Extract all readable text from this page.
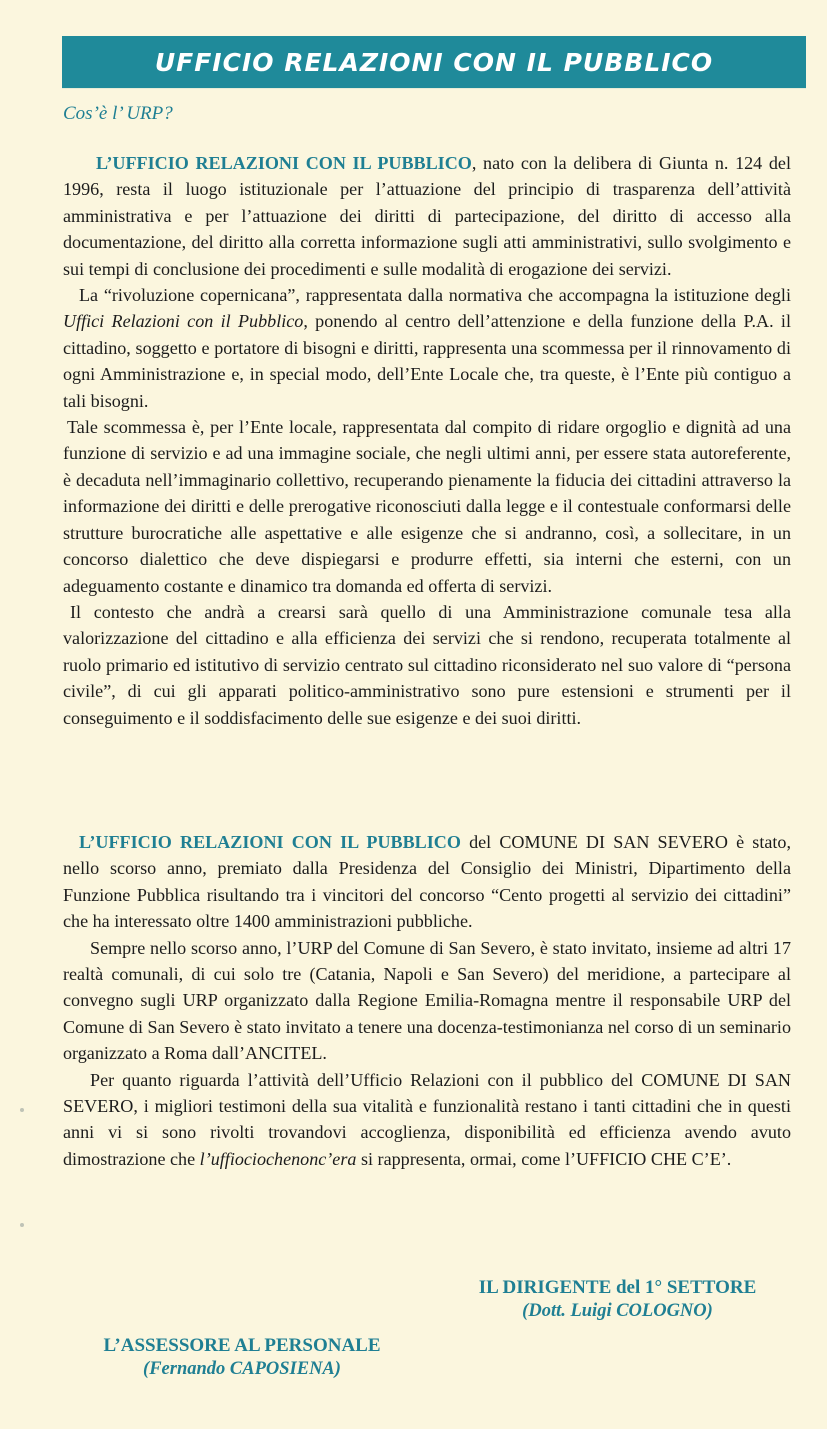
UFFICIO RELAZIONI CON IL PUBBLICO
Cos’è l’ URP?

L’UFFICIO RELAZIONI CON IL PUBBLICO, nato con la delibera di Giunta n. 124 del 1996, resta il luogo istituzionale per l’attuazione del principio di trasparenza dell’attività amministrativa e per l’attuazione dei diritti di partecipazione, del diritto di accesso alla documentazione, del diritto alla corretta informazione sugli atti amministrativi, sullo svolgimento e sui tempi di conclusione dei procedimenti e sulle modalità di erogazione dei servizi.

La “rivoluzione copernicana”, rappresentata dalla normativa che accompagna la istituzione degli Uffici Relazioni con il Pubblico, ponendo al centro dell’attenzione e della funzione della P.A. il cittadino, soggetto e portatore di bisogni e diritti, rappresenta una scommessa per il rinnovamento di ogni Amministrazione e, in special modo, dell’Ente Locale che, tra queste, è l’Ente più contiguo a tali bisogni.

Tale scommessa è, per l’Ente locale, rappresentata dal compito di ridare orgoglio e dignità ad una funzione di servizio e ad una immagine sociale, che negli ultimi anni, per essere stata autoreferente, è decaduta nell’immaginario collettivo, recuperando pienamente la fiducia dei cittadini attraverso la informazione dei diritti e delle prerogative riconosciuti dalla legge e il contestuale conformarsi delle strutture burocratiche alle aspettative e alle esigenze che si andranno, così, a sollecitare, in un concorso dialettico che deve dispiegarsi e produrre effetti, sia interni che esterni, con un adeguamento costante e dinamico tra domanda ed offerta di servizi.

Il contesto che andrà a crearsi sarà quello di una Amministrazione comunale tesa alla valorizzazione del cittadino e alla efficienza dei servizi che si rendono, recuperata totalmente al ruolo primario ed istitutivo di servizio centrato sul cittadino riconsiderato nel suo valore di “persona civile”, di cui gli apparati politico-amministrativo sono pure estensioni e strumenti per il conseguimento e il soddisfacimento delle sue esigenze e dei suoi diritti.

L’UFFICIO RELAZIONI CON IL PUBBLICO del COMUNE DI SAN SEVERO è stato, nello scorso anno, premiato dalla Presidenza del Consiglio dei Ministri, Dipartimento della Funzione Pubblica risultando tra i vincitori del concorso “Cento progetti al servizio dei cittadini” che ha interessato oltre 1400 amministrazioni pubbliche.

Sempre nello scorso anno, l’URP del Comune di San Severo, è stato invitato, insieme ad altri 17 realtà comunali, di cui solo tre (Catania, Napoli e San Severo) del meridione, a partecipare al convegno sugli URP organizzato dalla Regione Emilia-Romagna mentre il responsabile URP del Comune di San Severo è stato invitato a tenere una docenza-testimonianza nel corso di un seminario organizzato a Roma dall’ANCITEL.

Per quanto riguarda l’attività dell’Ufficio Relazioni con il pubblico del COMUNE DI SAN SEVERO, i migliori testimoni della sua vitalità e funzionalità restano i tanti cittadini che in questi anni vi si sono rivolti trovandovi accoglienza, disponibilità ed efficienza avendo avuto dimostrazione che l’uffiociochenonc’era si rappresenta, ormai, come l’UFFICIO CHE C’E’.

IL DIRIGENTE del 1° SETTORE
(Dott. Luigi COLOGNO)
L’ASSESSORE AL PERSONALE
(Fernando CAPOSIENA)
